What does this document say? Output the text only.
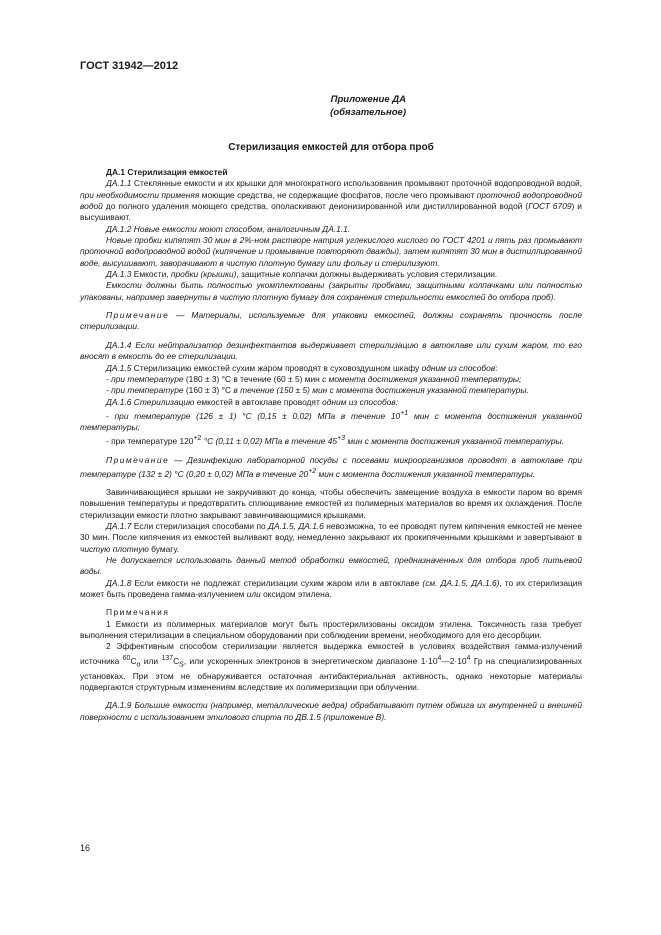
ГОСТ 31942—2012
Приложение ДА
(обязательное)
Стерилизация емкостей для отбора проб

ДА.1 Стерилизация емкостей

ДА.1.1 Стеклянные емкости и их крышки для многократного использования промывают проточной водопроводной водой, при необходимости применяя моющие средства, не содержащие фосфатов, после чего промывают проточной водопроводной водой до полного удаления моющего средства, ополаскивают деионизированной или дистиллированной водой (ГОСТ 6709) и высушивают.

ДА.1.2 Новые емкости моют способом, аналогичным ДА.1.1.

Новые пробки кипятят 30 мин в 2%-ном растворе натрия углекислого кислого по ГОСТ 4201 и пять раз промывают проточной водопроводной водой (кипячение и промывание повторяют дважды), затем кипятят 30 мин в дистиллированной воде, высушивают, заворачивают в чистую плотную бумагу или фольгу и стерилизуют.

ДА.1.3 Емкости, пробки (крышки), защитные колпачки должны выдерживать условия стерилизации.

Емкости должны быть полностью укомплектованы (закрыты пробками, защитными колпачками или полностью упакованы, например завернуты в чистую плотную бумагу для сохранения стерильности емкостей до отбора проб).

Примечание — Материалы, используемые для упаковки емкостей, должны сохранять прочность после стерилизации.

ДА.1.4 Если нейтрализатор дезинфектантов выдерживает стерилизацию в автоклаве или сухим жаром, то его вносят в емкость до ее стерилизации.

ДА.1.5 Стерилизацию емкостей сухим жаром проводят в суховоздушном шкафу одним из способов:

- при температуре (180 ± 3) °С в течение (60 ± 5) мин с момента достижения указанной температуры;

- при температуре (160 ± 3) °С в течение (150 ± 5) мин с момента достижения указанной температуры.

ДА.1.6 Стерилизацию емкостей в автоклаве проводят одним из способов:

- при температуре (126 ± 1) °С (0,15 ± 0,02) МПа в течение $10^{+1}$ мин с момента достижения указанной температуры;

- при температуре $120^{+2}$ °С (0,11 ± 0,02) МПа в течение $45^{+3}$ мин с момента достижения указанной температуры.

Примечание — Дезинфекцию лабораторной посуды с посевами микроорганизмов проводят в автоклаве при температуре (132 ± 2) °С (0,20 ± 0,02) МПа в течение $20^{+2}$ мин с момента достижения указанной температуры.

Завинчивающиеся крышки не закручивают до конца, чтобы обеспечить замещение воздуха в емкости паром во время повышения температуры и предотвратить сплющивание емкостей из полимерных материалов во время их охлаждения. После стерилизации емкости плотно закрывают завинчивающимися крышками.

ДА.1.7 Если стерилизация способами по ДА.1.5, ДА.1.6 невозможна, то ее проводят путем кипячения емкостей не менее 30 мин. После кипячения из емкостей выливают воду, немедленно закрывают их прокипяченными крышками и завертывают в чистую плотную бумагу.

Не допускается использовать данный метод обработки емкостей, предназначенных для отбора проб питьевой воды.

ДА.1.8 Если емкости не подлежат стерилизации сухим жаром или в автоклаве (см. ДА.1.5, ДА.1.6), то их стерилизация может быть проведена гамма-излучением или оксидом этилена.

Примечания

1 Емкости из полимерных материалов могут быть простерилизованы оксидом этилена. Токсичность газа требует выполнения стерилизации в специальном оборудовании при соблюдении времени, необходимого для его десорбции.

2 Эффективным способом стерилизации является выдержка емкостей в условиях воздействия гамма-излучений источника $^{60}С_о$ или $^{137}С_S$, или ускоренных электронов в энергетическом диапазоне $1\cdot 10^4—2\cdot 10^4$ Гр на специализированных установках. При этом не обнаруживается остаточная антибактериальная активность, однако некоторые материалы подвергаются структурным изменениям вследствие их полимеризации при облучении.

ДА.1.9 Большие емкости (например, металлические ведра) обрабатывают путем обжига их внутренней и внешней поверхности с использованием этилового спирта по ДВ.1.5 (приложение В).

16
